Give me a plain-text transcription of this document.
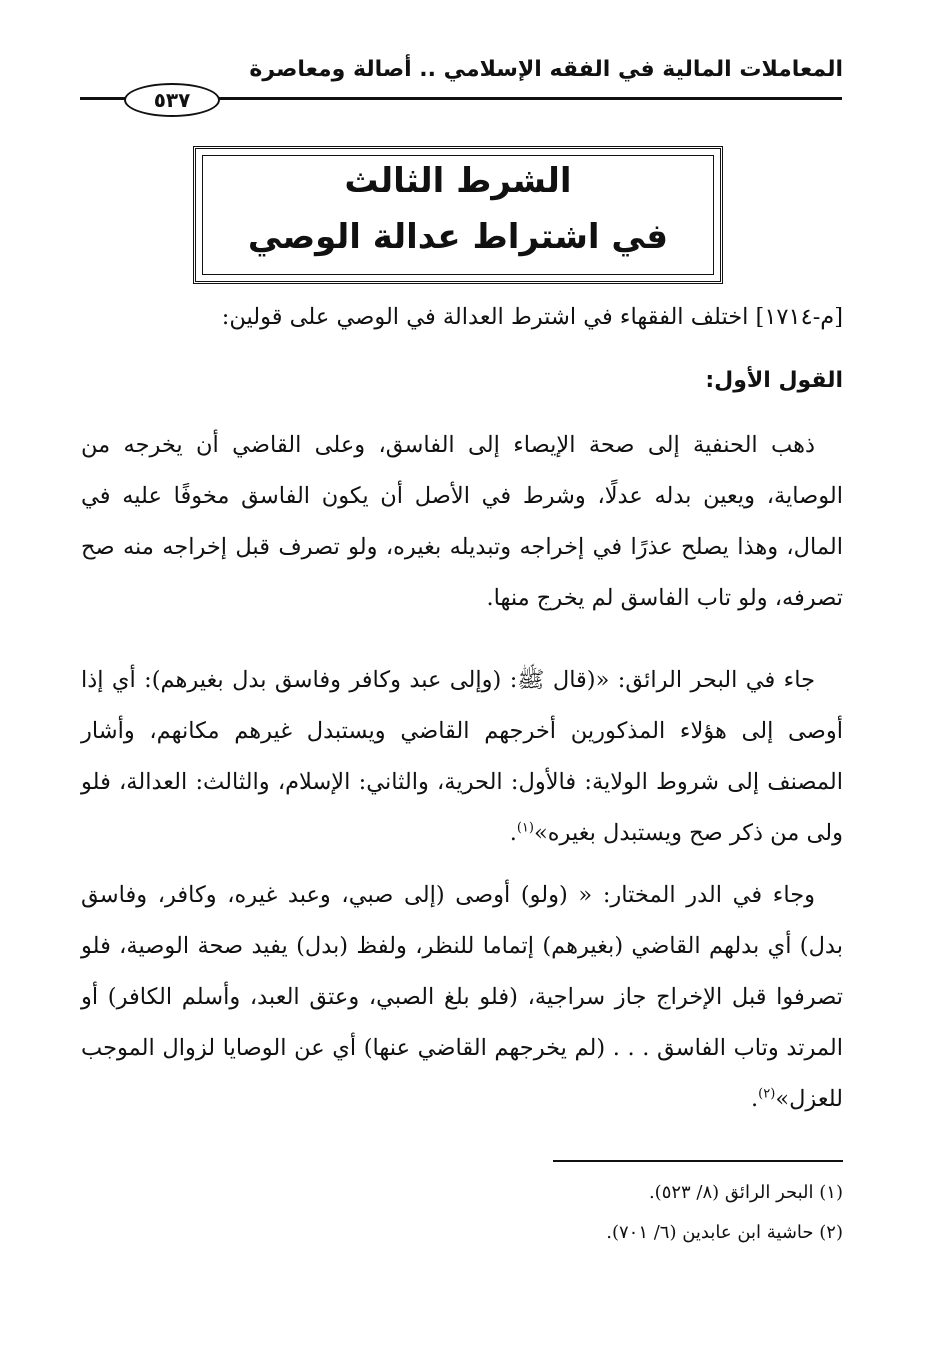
المعاملات المالية في الفقه الإسلامي .. أصالة ومعاصرة
٥٣٧
الشرط الثالث
في اشتراط عدالة الوصي
[م-١٧١٤] اختلف الفقهاء في اشترط العدالة في الوصي على قولين:
القول الأول:
ذهب الحنفية إلى صحة الإيصاء إلى الفاسق، وعلى القاضي أن يخرجه من الوصاية، ويعين بدله عدلًا، وشرط في الأصل أن يكون الفاسق مخوفًا عليه في المال، وهذا يصلح عذرًا في إخراجه وتبديله بغيره، ولو تصرف قبل إخراجه منه صح تصرفه، ولو تاب الفاسق لم يخرج منها.
جاء في البحر الرائق: «(قال ﷺ: (وإلى عبد وكافر وفاسق بدل بغيرهم): أي إذا أوصى إلى هؤلاء المذكورين أخرجهم القاضي ويستبدل غيرهم مكانهم، وأشار المصنف إلى شروط الولاية: فالأول: الحرية، والثاني: الإسلام، والثالث: العدالة، فلو ولى من ذكر صح ويستبدل بغيره»$^{(١)}$.
وجاء في الدر المختار: « (ولو) أوصى (إلى صبي، وعبد غيره، وكافر، وفاسق بدل) أي بدلهم القاضي (بغيرهم) إتماما للنظر، ولفظ (بدل) يفيد صحة الوصية، فلو تصرفوا قبل الإخراج جاز سراجية، (فلو بلغ الصبي، وعتق العبد، وأسلم الكافر) أو المرتد وتاب الفاسق . . . (لم يخرجهم القاضي عنها) أي عن الوصايا لزوال الموجب للعزل»$^{(٢)}$.
(١) البحر الرائق (٨/ ٥٢٣).
(٢) حاشية ابن عابدين (٦/ ٧٠١).
